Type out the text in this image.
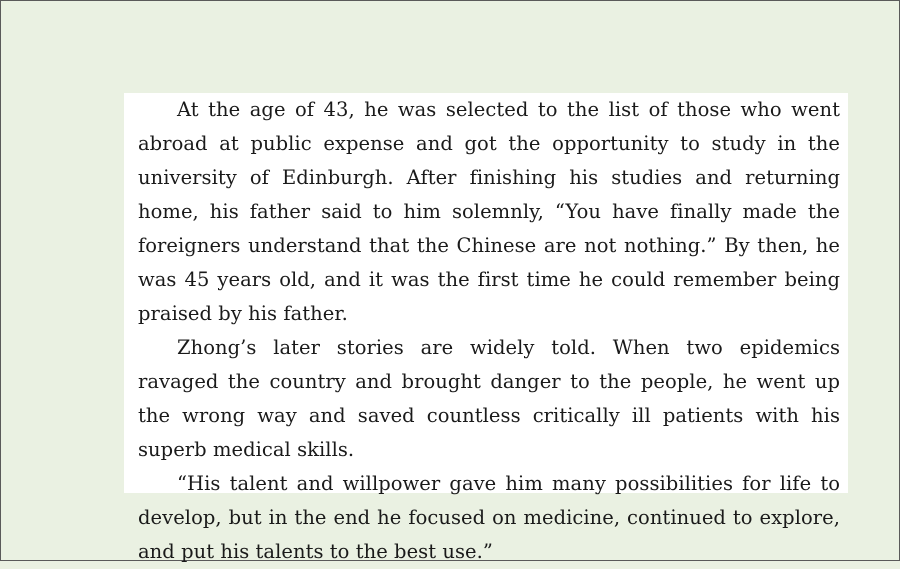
At the age of 43, he was selected to the list of those who went abroad at public expense and got the opportunity to study in the university of Edinburgh. After finishing his studies and returning home, his father said to him solemnly, “You have finally made the foreigners understand that the Chinese are not nothing.” By then, he was 45 years old, and it was the first time he could remember being praised by his father.

Zhong’s later stories are widely told. When two epidemics ravaged the country and brought danger to the people, he went up the wrong way and saved countless critically ill patients with his superb medical skills.

“His talent and willpower gave him many possibilities for life to develop, but in the end he focused on medicine, continued to explore, and put his talents to the best use.”
